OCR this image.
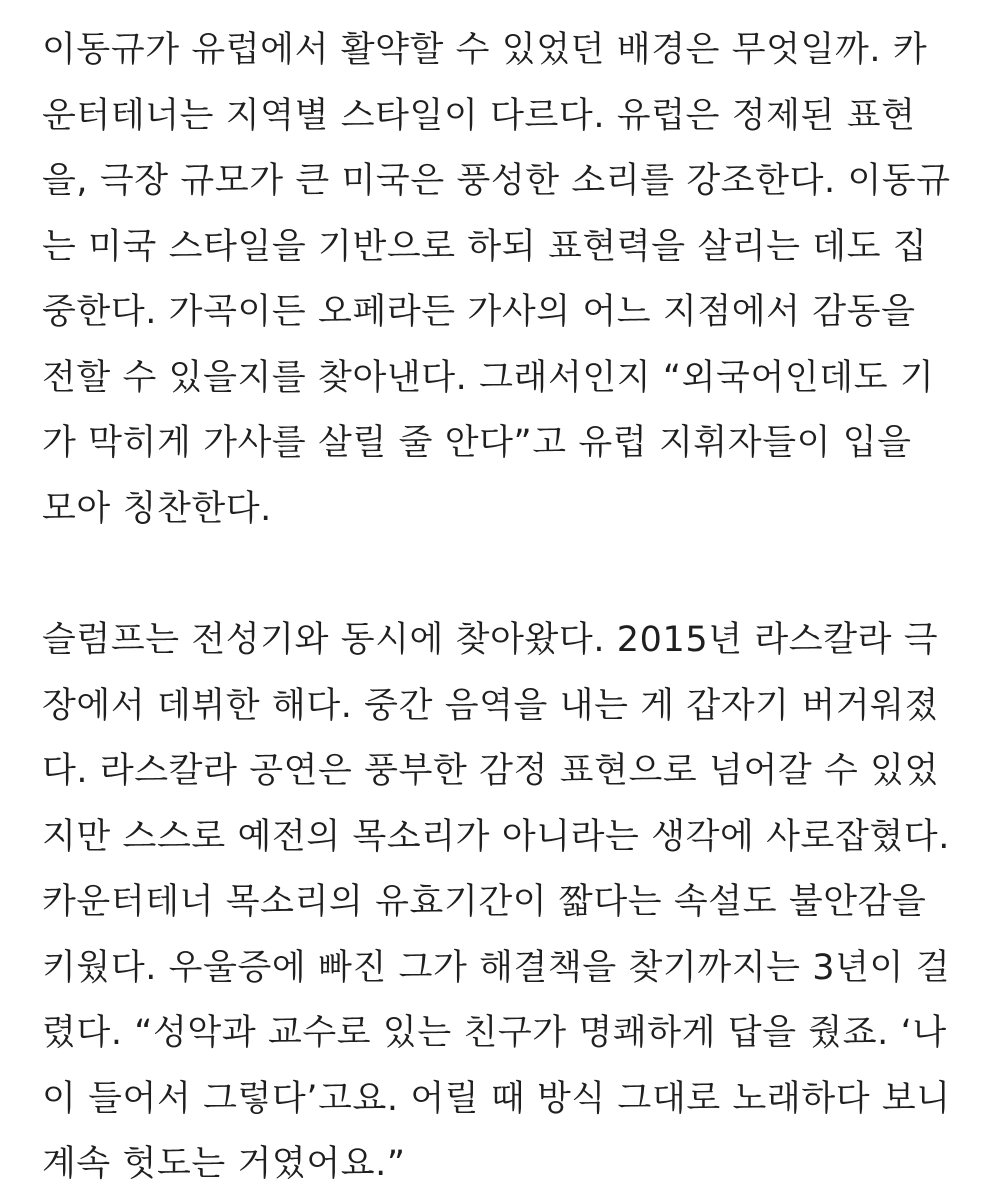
이동규가 유럽에서 활약할 수 있었던 배경은 무엇일까. 카
운터테너는 지역별 스타일이 다르다. 유럽은 정제된 표현
을, 극장 규모가 큰 미국은 풍성한 소리를 강조한다. 이동규
는 미국 스타일을 기반으로 하되 표현력을 살리는 데도 집
중한다. 가곡이든 오페라든 가사의 어느 지점에서 감동을
전할 수 있을지를 찾아낸다. 그래서인지 “외국어인데도 기
가 막히게 가사를 살릴 줄 안다”고 유럽 지휘자들이 입을
모아 칭찬한다.
슬럼프는 전성기와 동시에 찾아왔다. 2015년 라스칼라 극
장에서 데뷔한 해다. 중간 음역을 내는 게 갑자기 버거워졌
다. 라스칼라 공연은 풍부한 감정 표현으로 넘어갈 수 있었
지만 스스로 예전의 목소리가 아니라는 생각에 사로잡혔다.
카운터테너 목소리의 유효기간이 짧다는 속설도 불안감을
키웠다. 우울증에 빠진 그가 해결책을 찾기까지는 3년이 걸
렸다. “성악과 교수로 있는 친구가 명쾌하게 답을 줬죠. ‘나
이 들어서 그렇다’고요. 어릴 때 방식 그대로 노래하다 보니
계속 헛도는 거였어요.”
